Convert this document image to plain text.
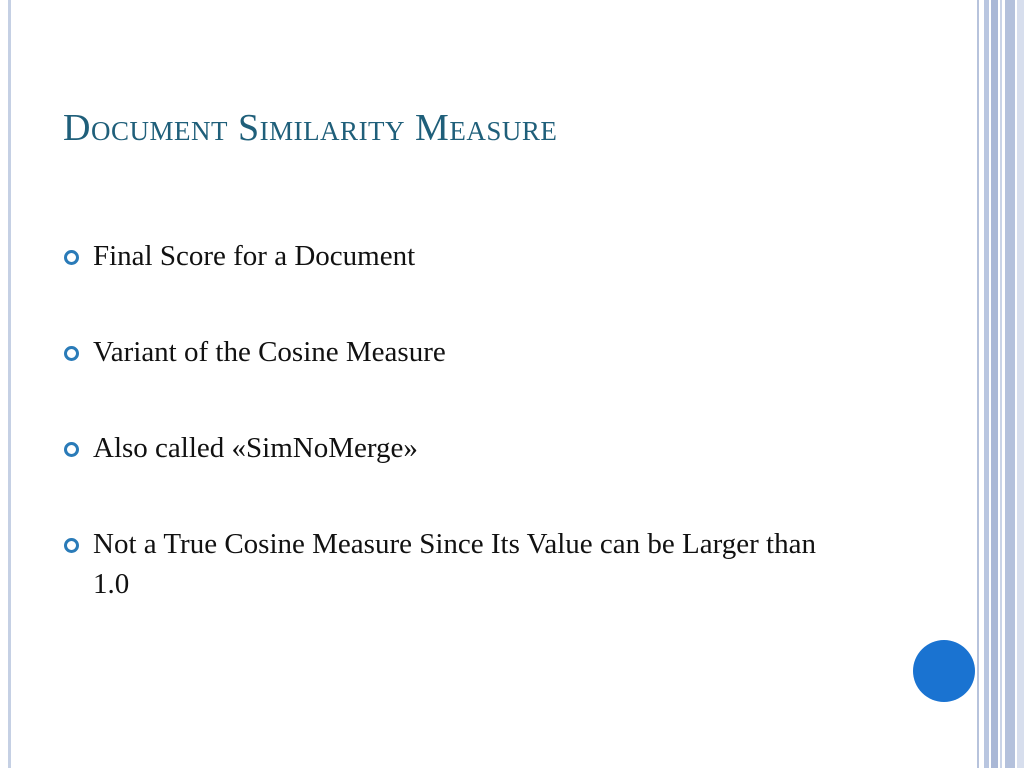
Document Similarity Measure
Final Score for a Document
Variant of the Cosine Measure
Also called «SimNoMerge»
Not a True Cosine Measure Since Its Value can be Larger than 1.0
